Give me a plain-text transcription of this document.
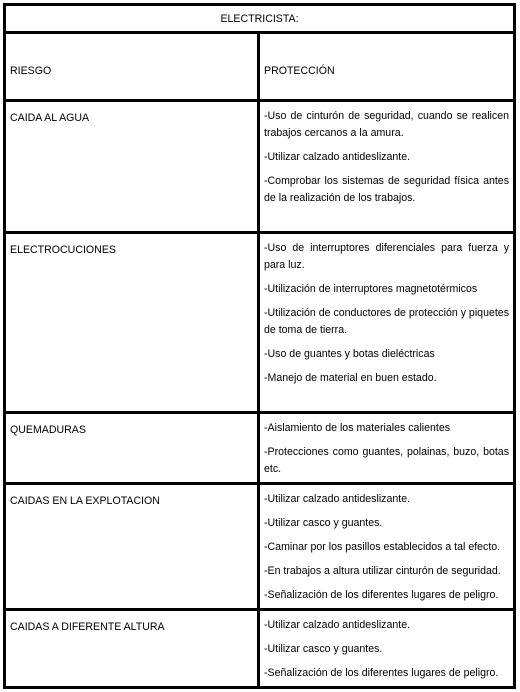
ELECTRICISTA:	
RIESGO	PROTECCIÓN
CAIDA AL AGUA	-Uso de cinturón de seguridad, cuando se realicen trabajos cercanos a la amura.
-Utilizar calzado antideslizante.
-Comprobar los sistemas de seguridad física antes de la realización de los trabajos.

ELECTROCUCIONES	-Uso de interruptores diferenciales para fuerza y para luz.
-Utilización de interruptores magnetotérmicos
-Utilización de conductores de protección y piquetes de toma de tierra.
-Uso de guantes y botas dieléctricas
-Manejo de material en buen estado.

QUEMADURAS	-Aislamiento de los materiales calientes
-Protecciones como guantes, polainas, buzo, botas etc.

CAIDAS EN LA EXPLOTACION	-Utilizar calzado antideslizante.
-Utilizar casco y guantes.
-Caminar por los pasillos establecidos a tal efecto.
-En trabajos a altura utilizar cinturón de seguridad.
-Señalización de los diferentes lugares de peligro.

CAIDAS A DIFERENTE ALTURA	-Utilizar calzado antideslizante.
-Utilizar casco y guantes.
-Señalización de los diferentes lugares de peligro.
